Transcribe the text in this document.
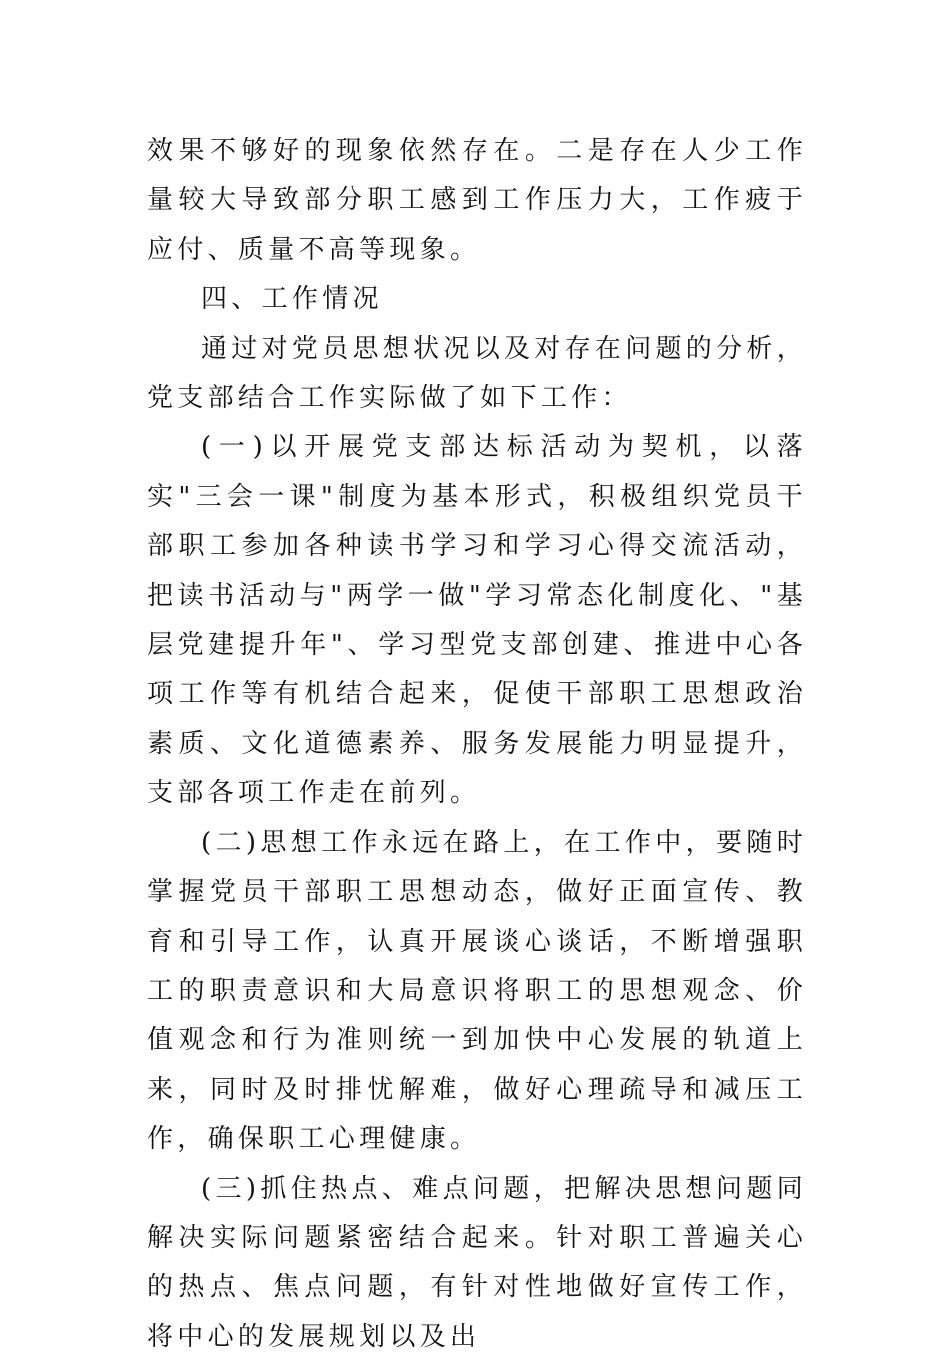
效果不够好的现象依然存在。二是存在人少工作量较大导致部分职工感到工作压力大，工作疲于应付、质量不高等现象。

四、工作情况

通过对党员思想状况以及对存在问题的分析，党支部结合工作实际做了如下工作：

(一)以开展党支部达标活动为契机，以落实"三会一课"制度为基本形式，积极组织党员干部职工参加各种读书学习和学习心得交流活动，把读书活动与"两学一做"学习常态化制度化、"基层党建提升年"、学习型党支部创建、推进中心各项工作等有机结合起来，促使干部职工思想政治素质、文化道德素养、服务发展能力明显提升，支部各项工作走在前列。

(二)思想工作永远在路上，在工作中，要随时掌握党员干部职工思想动态，做好正面宣传、教育和引导工作，认真开展谈心谈话，不断增强职工的职责意识和大局意识将职工的思想观念、价值观念和行为准则统一到加快中心发展的轨道上来，同时及时排忧解难，做好心理疏导和减压工作，确保职工心理健康。

(三)抓住热点、难点问题，把解决思想问题同解决实际问题紧密结合起来。针对职工普遍关心的热点、焦点问题，有针对性地做好宣传工作，将中心的发展规划以及出
